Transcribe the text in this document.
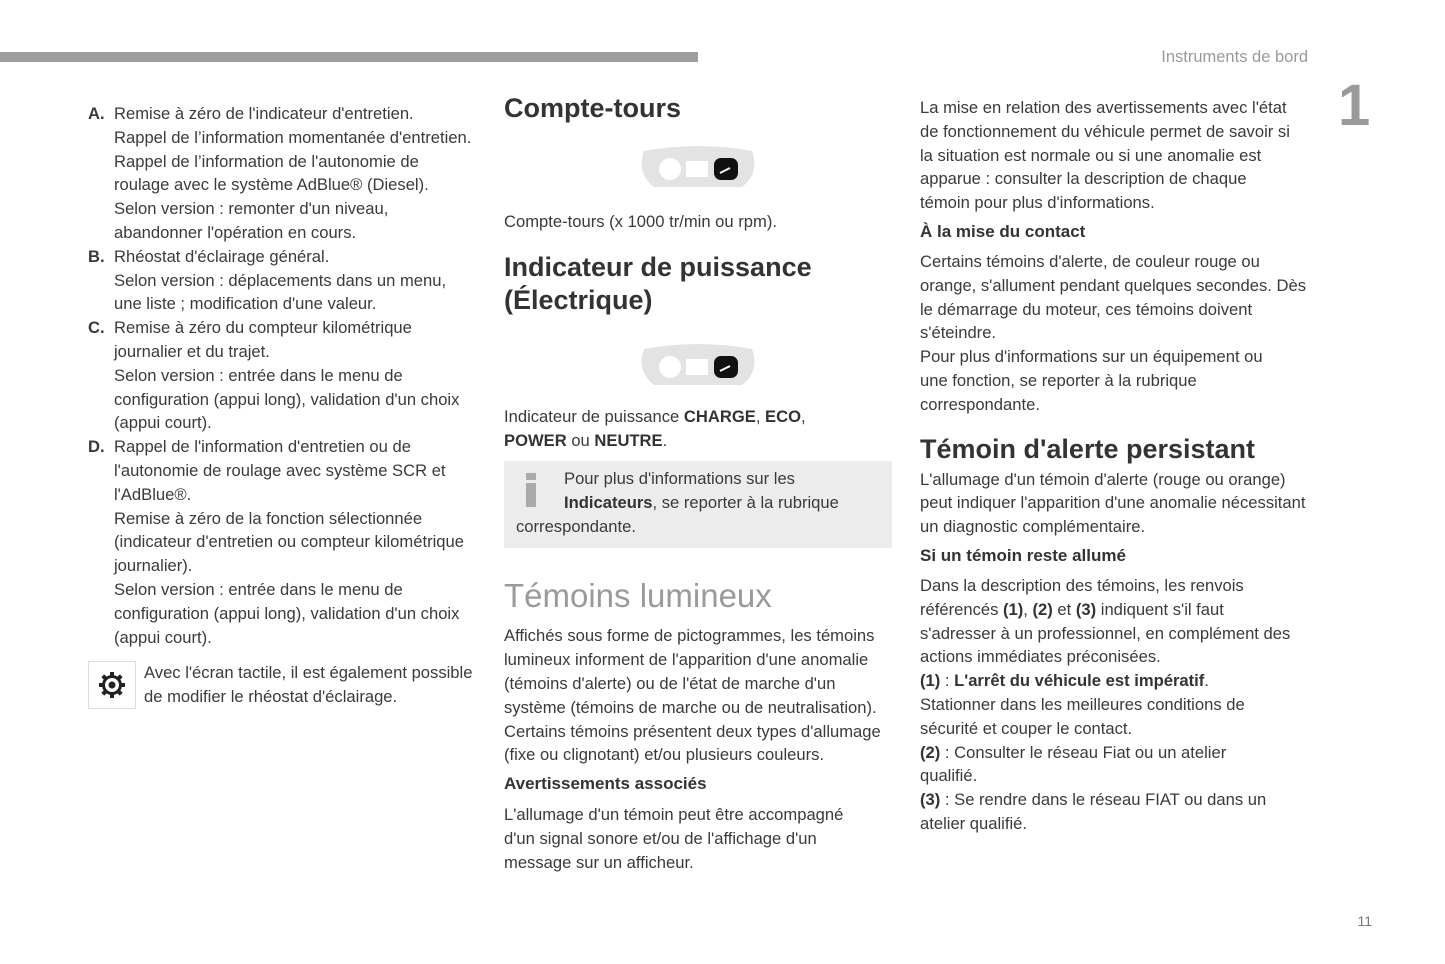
Instruments de bord
1
11
A. Remise à zéro de l'indicateur d'entretien.

Rappel de l’information momentanée d'entretien.

Rappel de l’information de l'autonomie de roulage avec le système AdBlue® (Diesel).

Selon version : remonter d'un niveau, abandonner l'opération en cours.

B. Rhéostat d'éclairage général.

Selon version : déplacements dans un menu, une liste ; modification d'une valeur.

C. Remise à zéro du compteur kilométrique journalier et du trajet.

Selon version : entrée dans le menu de configuration (appui long), validation d'un choix (appui court).

D. Rappel de l'information d'entretien ou de l'autonomie de roulage avec système SCR et l'AdBlue®.

Remise à zéro de la fonction sélectionnée (indicateur d'entretien ou compteur kilométrique journalier).

Selon version : entrée dans le menu de configuration (appui long), validation d'un choix (appui court).

Avec l'écran tactile, il est également possible de modifier le rhéostat d'éclairage.

Compte-tours

Compte-tours (x 1000 tr/min ou rpm).

Indicateur de puissance (Électrique)

Indicateur de puissance CHARGE, ECO,
POWER ou NEUTRE.

Pour plus d'informations sur les Indicateurs, se reporter à la rubrique correspondante.

Témoins lumineux

Affichés sous forme de pictogrammes, les témoins lumineux informent de l'apparition d'une anomalie (témoins d'alerte) ou de l'état de marche d'un système (témoins de marche ou de neutralisation). Certains témoins présentent deux types d'allumage (fixe ou clignotant) et/ou plusieurs couleurs.

Avertissements associés

L'allumage d'un témoin peut être accompagné d'un signal sonore et/ou de l'affichage d'un message sur un afficheur.

La mise en relation des avertissements avec l'état de fonctionnement du véhicule permet de savoir si la situation est normale ou si une anomalie est apparue : consulter la description de chaque témoin pour plus d'informations.

À la mise du contact

Certains témoins d'alerte, de couleur rouge ou orange, s'allument pendant quelques secondes. Dès le démarrage du moteur, ces témoins doivent s'éteindre.

Pour plus d'informations sur un équipement ou une fonction, se reporter à la rubrique correspondante.

Témoin d'alerte persistant

L'allumage d'un témoin d'alerte (rouge ou orange) peut indiquer l'apparition d'une anomalie nécessitant un diagnostic complémentaire.

Si un témoin reste allumé

Dans la description des témoins, les renvois référencés (1), (2) et (3) indiquent s'il faut s'adresser à un professionnel, en complément des actions immédiates préconisées.

(1) : L'arrêt du véhicule est impératif.

Stationner dans les meilleures conditions de sécurité et couper le contact.

(2) : Consulter le réseau Fiat ou un atelier qualifié.

(3) : Se rendre dans le réseau FIAT ou dans un atelier qualifié.
